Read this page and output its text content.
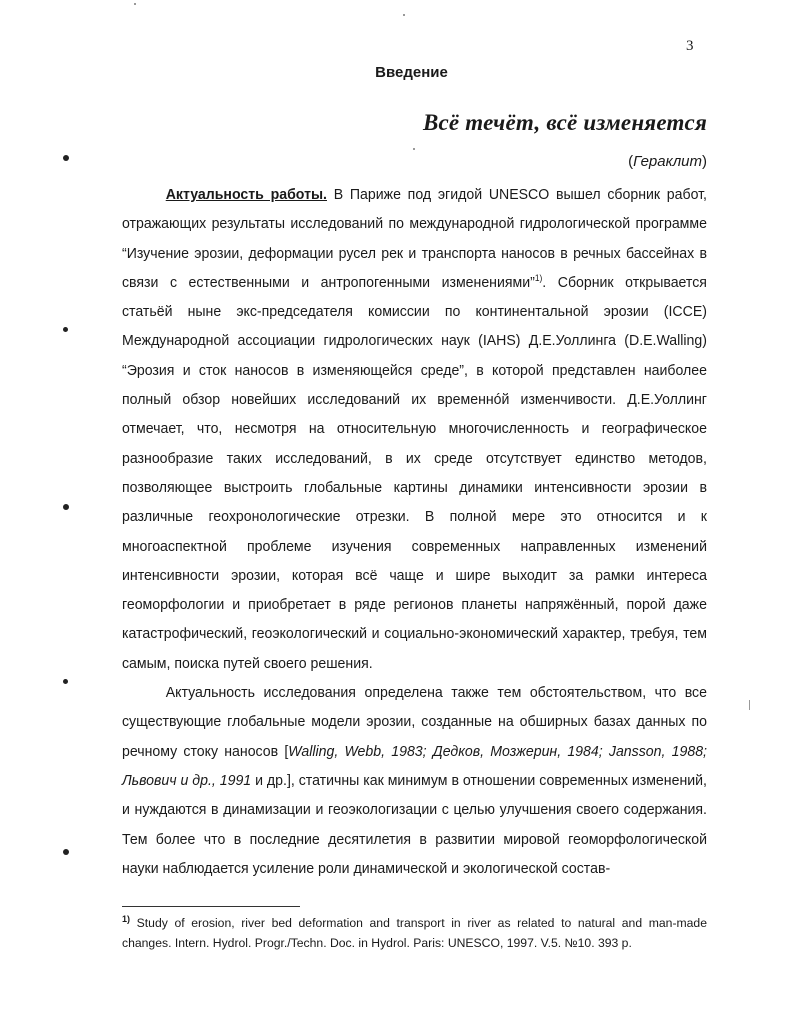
3
Введение
Всё течёт, всё изменяется
(Гераклит)

Актуальность работы. В Париже под эгидой UNESCO вышел сборник работ, отражающих результаты исследований по международной гидрологической программе “Изучение эрозии, деформации русел рек и транспорта наносов в речных бассейнах в связи с естественными и антропогенными изменениями”$^{1)}$. Сборник открывается статьёй ныне экс-председателя комиссии по континентальной эрозии (ICCE) Международной ассоциации гидрологических наук (IAHS) Д.Е.Уоллинга (D.E.Walling) “Эрозия и сток наносов в изменяющейся среде”, в которой представлен наиболее полный обзор новейших исследований их временнóй изменчивости. Д.Е.Уоллинг отмечает, что, несмотря на относительную многочисленность и географическое разнообразие таких исследований, в их среде отсутствует единство методов, позволяющее выстроить глобальные картины динамики интенсивности эрозии в различные геохронологические отрезки. В полной мере это относится и к многоаспектной проблеме изучения современных направленных изменений интенсивности эрозии, которая всё чаще и шире выходит за рамки интереса геоморфологии и приобретает в ряде регионов планеты напряжённый, порой даже катастрофический, геоэкологический и социально-экономический характер, требуя, тем самым, поиска путей своего решения.

Актуальность исследования определена также тем обстоятельством, что все существующие глобальные модели эрозии, созданные на обширных базах данных по речному стоку наносов [Walling, Webb, 1983; Дедков, Мозжерин, 1984; Jansson, 1988; Львович и др., 1991 и др.], статичны как минимум в отношении современных изменений, и нуждаются в динамизации и геоэкологизации с целью улучшения своего содержания. Тем более что в последние десятилетия в развитии мировой геоморфологической науки наблюдается усиление роли динамической и экологической состав-

$^{1)}$ Study of erosion, river bed deformation and transport in river as related to natural and man-made changes. Intern. Hydrol. Progr./Techn. Doc. in Hydrol. Paris: UNESCO, 1997. V.5. №10. 393 p.
